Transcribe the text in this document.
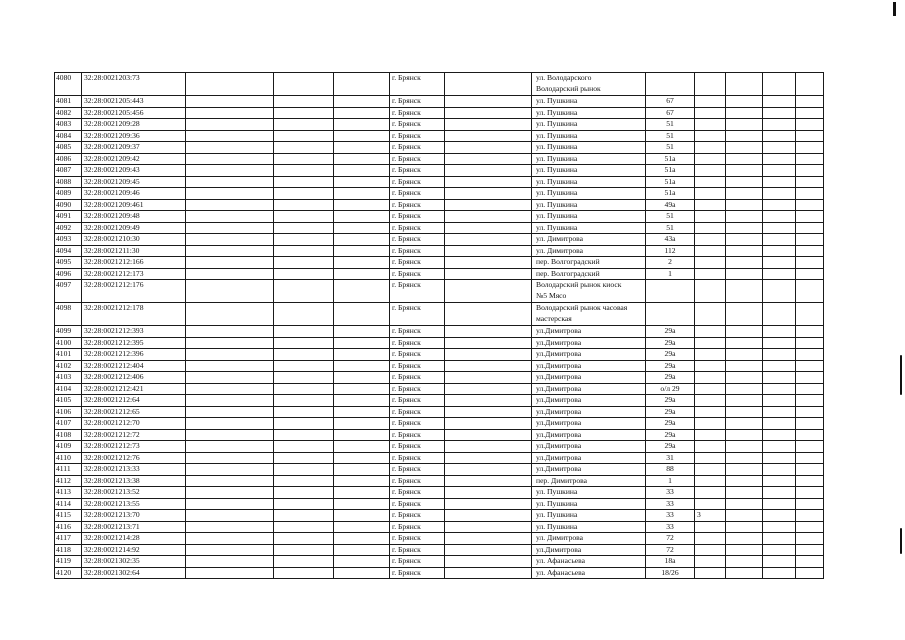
4080	32:28:0021203:73				г. Брянск		ул. Володарского
Володарский рынок					
4081	32:28:0021205:443				г. Брянск		ул. Пушкина	67				
4082	32:28:0021205:456				г. Брянск		ул. Пушкина	67				
4083	32:28:0021209:28				г. Брянск		ул. Пушкина	51				
4084	32:28:0021209:36				г. Брянск		ул. Пушкина	51				
4085	32:28:0021209:37				г. Брянск		ул. Пушкина	51				
4086	32:28:0021209:42				г. Брянск		ул. Пушкина	51а				
4087	32:28:0021209:43				г. Брянск		ул. Пушкина	51а				
4088	32:28:0021209:45				г. Брянск		ул. Пушкина	51а				
4089	32:28:0021209:46				г. Брянск		ул. Пушкина	51а				
4090	32:28:0021209:461				г. Брянск		ул. Пушкина	49а				
4091	32:28:0021209:48				г. Брянск		ул. Пушкина	51				
4092	32:28:0021209:49				г. Брянск		ул. Пушкина	51				
4093	32:28:0021210:30				г. Брянск		ул. Димитрова	43а				
4094	32:28:0021211:30				г. Брянск		ул. Димитрова	112				
4095	32:28:0021212:166				г. Брянск		пер. Волгоградский	2				
4096	32:28:0021212:173				г. Брянск		пер. Волгоградский	1				
4097	32:28:0021212:176				г. Брянск		Володарский рынок киоск
№5 Мясо					
4098	32:28:0021212:178				г. Брянск		Володарский рынок часовая
мастерская					
4099	32:28:0021212:393				г. Брянск		ул.Димитрова	29а				
4100	32:28:0021212:395				г. Брянск		ул.Димитрова	29а				
4101	32:28:0021212:396				г. Брянск		ул.Димитрова	29а				
4102	32:28:0021212:404				г. Брянск		ул.Димитрова	29а				
4103	32:28:0021212:406				г. Брянск		ул.Димитрова	29а				
4104	32:28:0021212:421				г. Брянск		ул.Димитрова	о/л 29				
4105	32:28:0021212:64				г. Брянск		ул.Димитрова	29а				
4106	32:28:0021212:65				г. Брянск		ул.Димитрова	29а				
4107	32:28:0021212:70				г. Брянск		ул.Димитрова	29а				
4108	32:28:0021212:72				г. Брянск		ул.Димитрова	29а				
4109	32:28:0021212:73				г. Брянск		ул.Димитрова	29а				
4110	32:28:0021212:76				г. Брянск		ул.Димитрова	31				
4111	32:28:0021213:33				г. Брянск		ул.Димитрова	88				
4112	32:28:0021213:38				г. Брянск		пер. Димитрова	1				
4113	32:28:0021213:52				г. Брянск		ул. Пушкина	33				
4114	32:28:0021213:55				г. Брянск		ул. Пушкина	33				
4115	32:28:0021213:70				г. Брянск		ул. Пушкина	33	3			
4116	32:28:0021213:71				г. Брянск		ул. Пушкина	33				
4117	32:28:0021214:28				г. Брянск		ул. Димитрова	72				
4118	32:28:0021214:92				г. Брянск		ул.Димитрова	72				
4119	32:28:0021302:35				г. Брянск		ул. Афанасьева	18а				
4120	32:28:0021302:64				г. Брянск		ул. Афанасьева	18/26				
